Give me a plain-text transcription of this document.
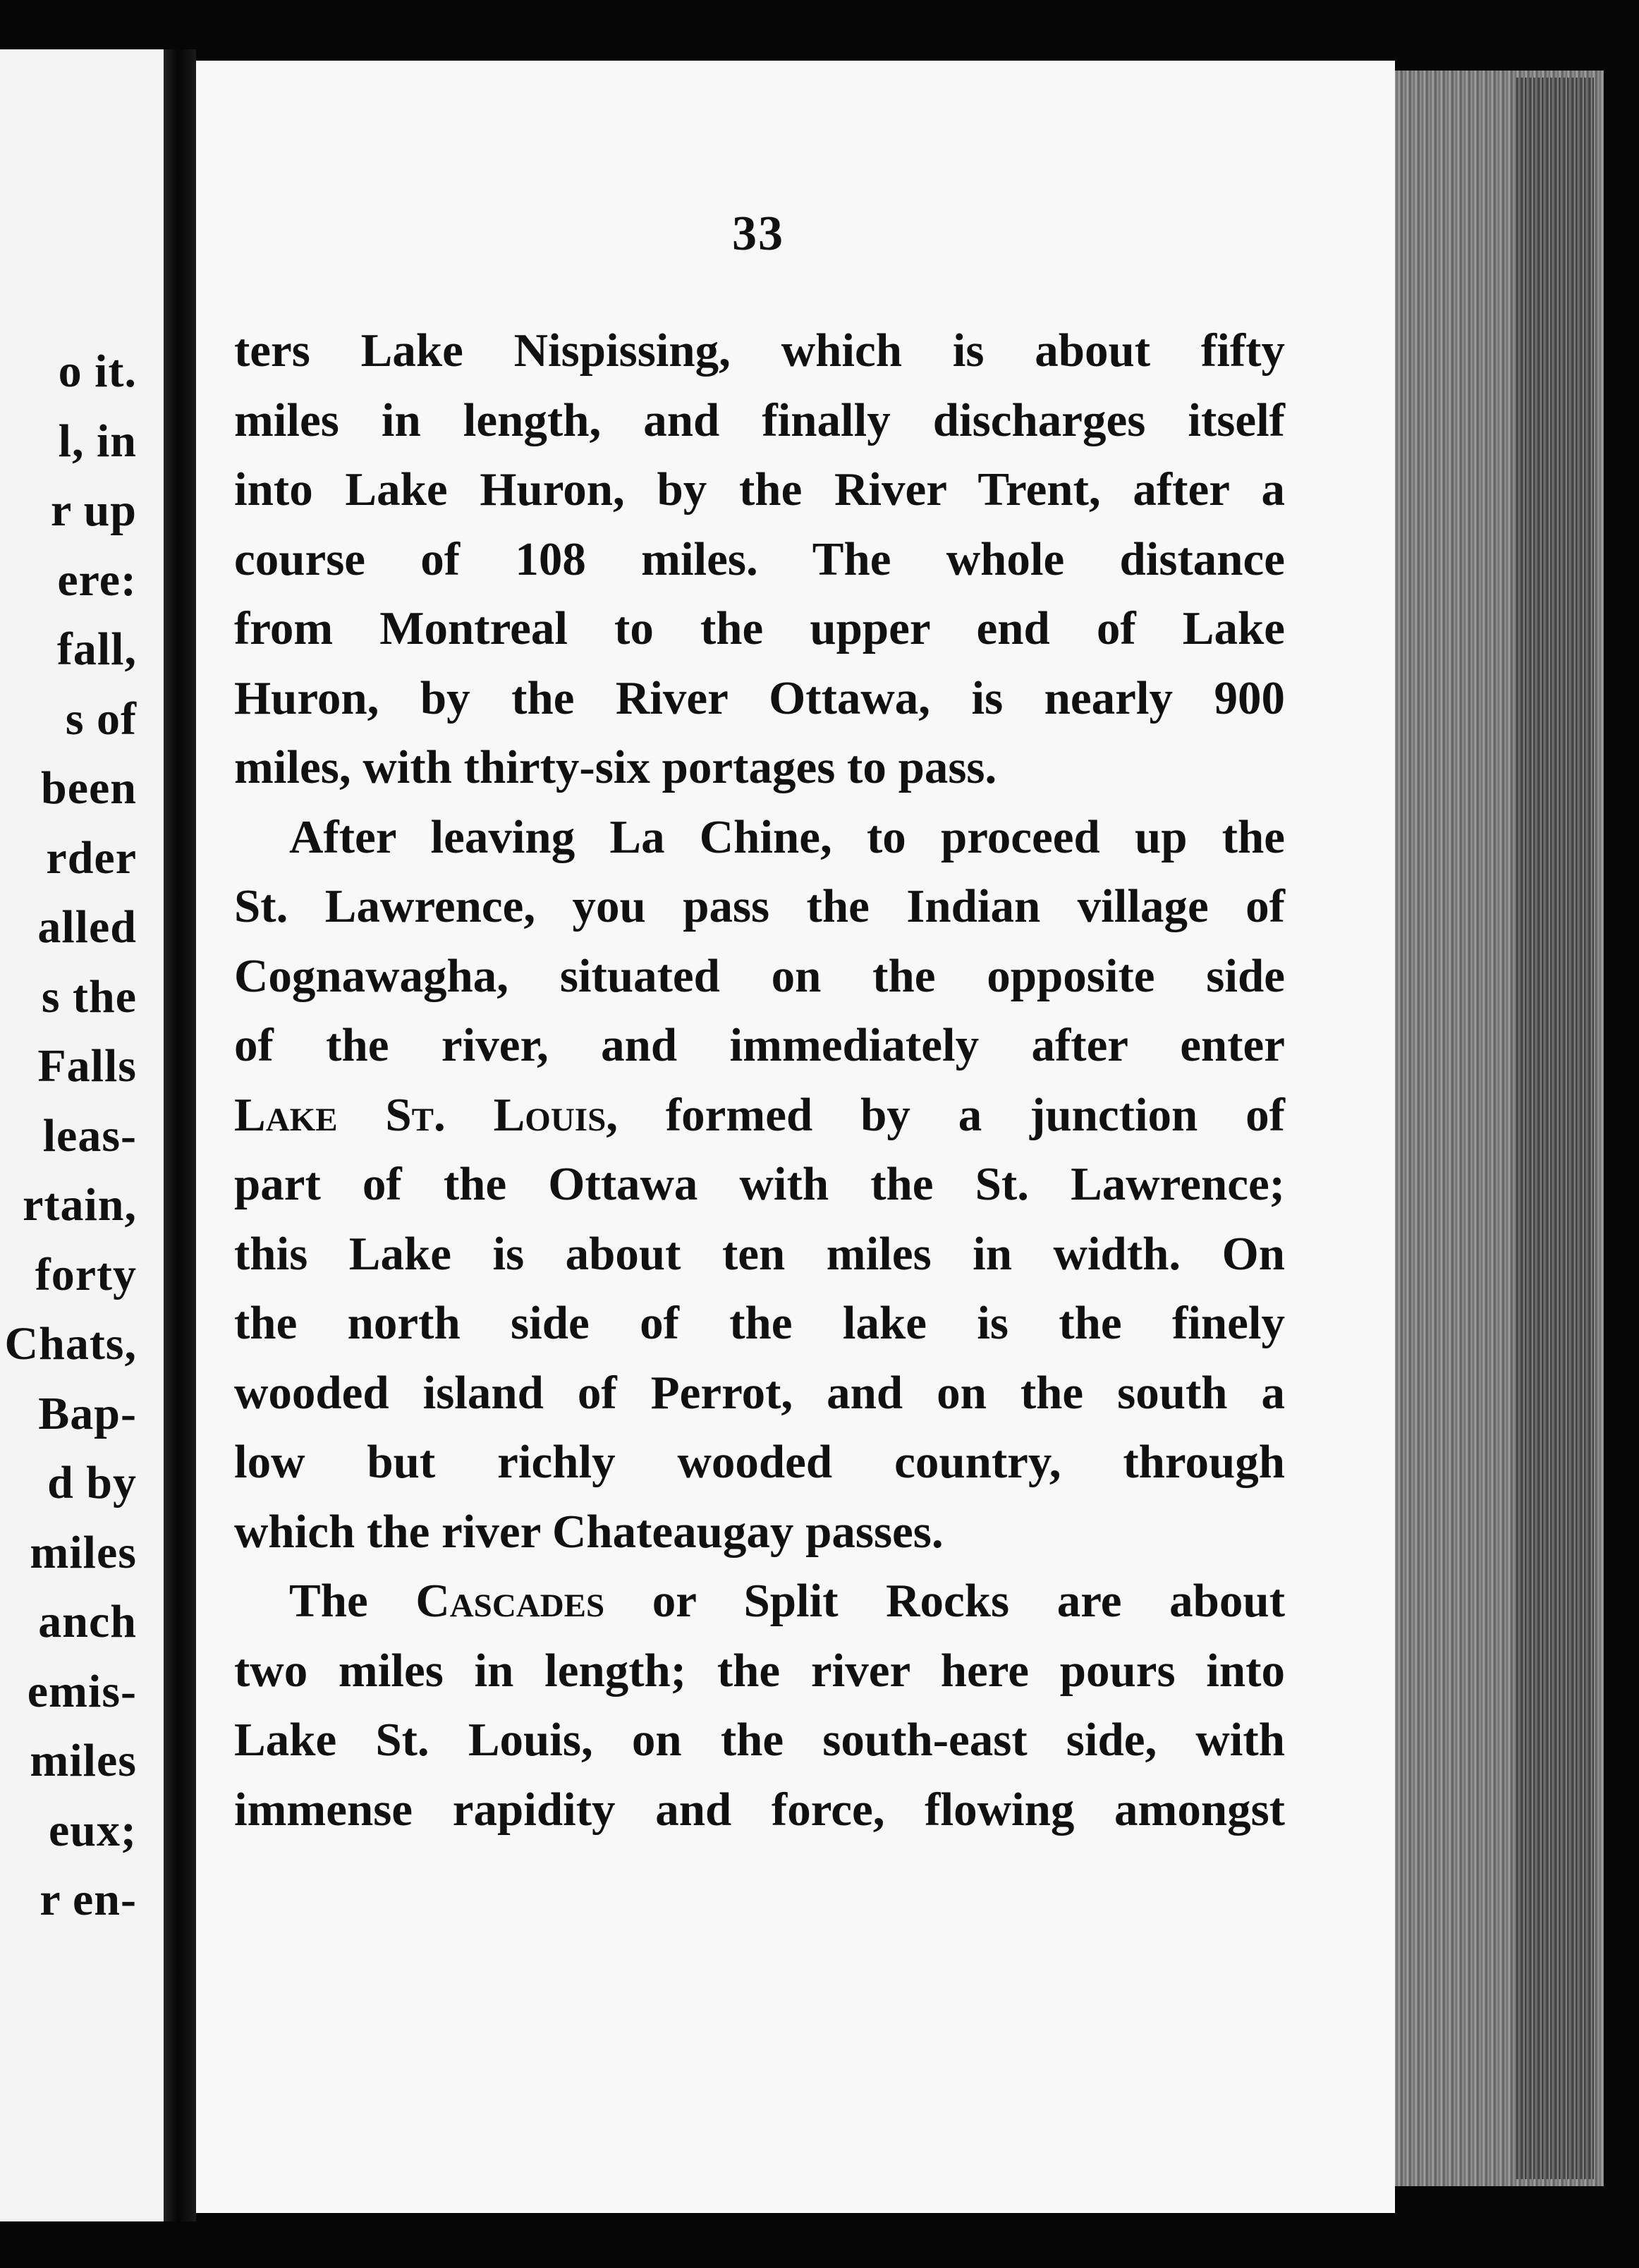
o it.
l, in
r up
ere:
fall,
s of
been
rder
alled
s the
Falls
leas-
rtain,
forty
Chats,
Bap-
d by
miles
anch
emis-
miles
eux;
r en-
33
ters Lake Nispissing, which is about fifty
miles in length, and finally discharges itself
into Lake Huron, by the River Trent, after a
course of 108 miles. The whole distance
from Montreal to the upper end of Lake
Huron, by the River Ottawa, is nearly 900
miles, with thirty-six portages to pass.
After leaving La Chine, to proceed up the
St. Lawrence, you pass the Indian village of
Cognawagha, situated on the opposite side
of the river, and immediately after enter
Lake St. Louis, formed by a junction of
part of the Ottawa with the St. Lawrence;
this Lake is about ten miles in width. On
the north side of the lake is the finely
wooded island of Perrot, and on the south a
low but richly wooded country, through
which the river Chateaugay passes.
The Cascades or Split Rocks are about
two miles in length; the river here pours into
Lake St. Louis, on the south-east side, with
immense rapidity and force, flowing amongst
